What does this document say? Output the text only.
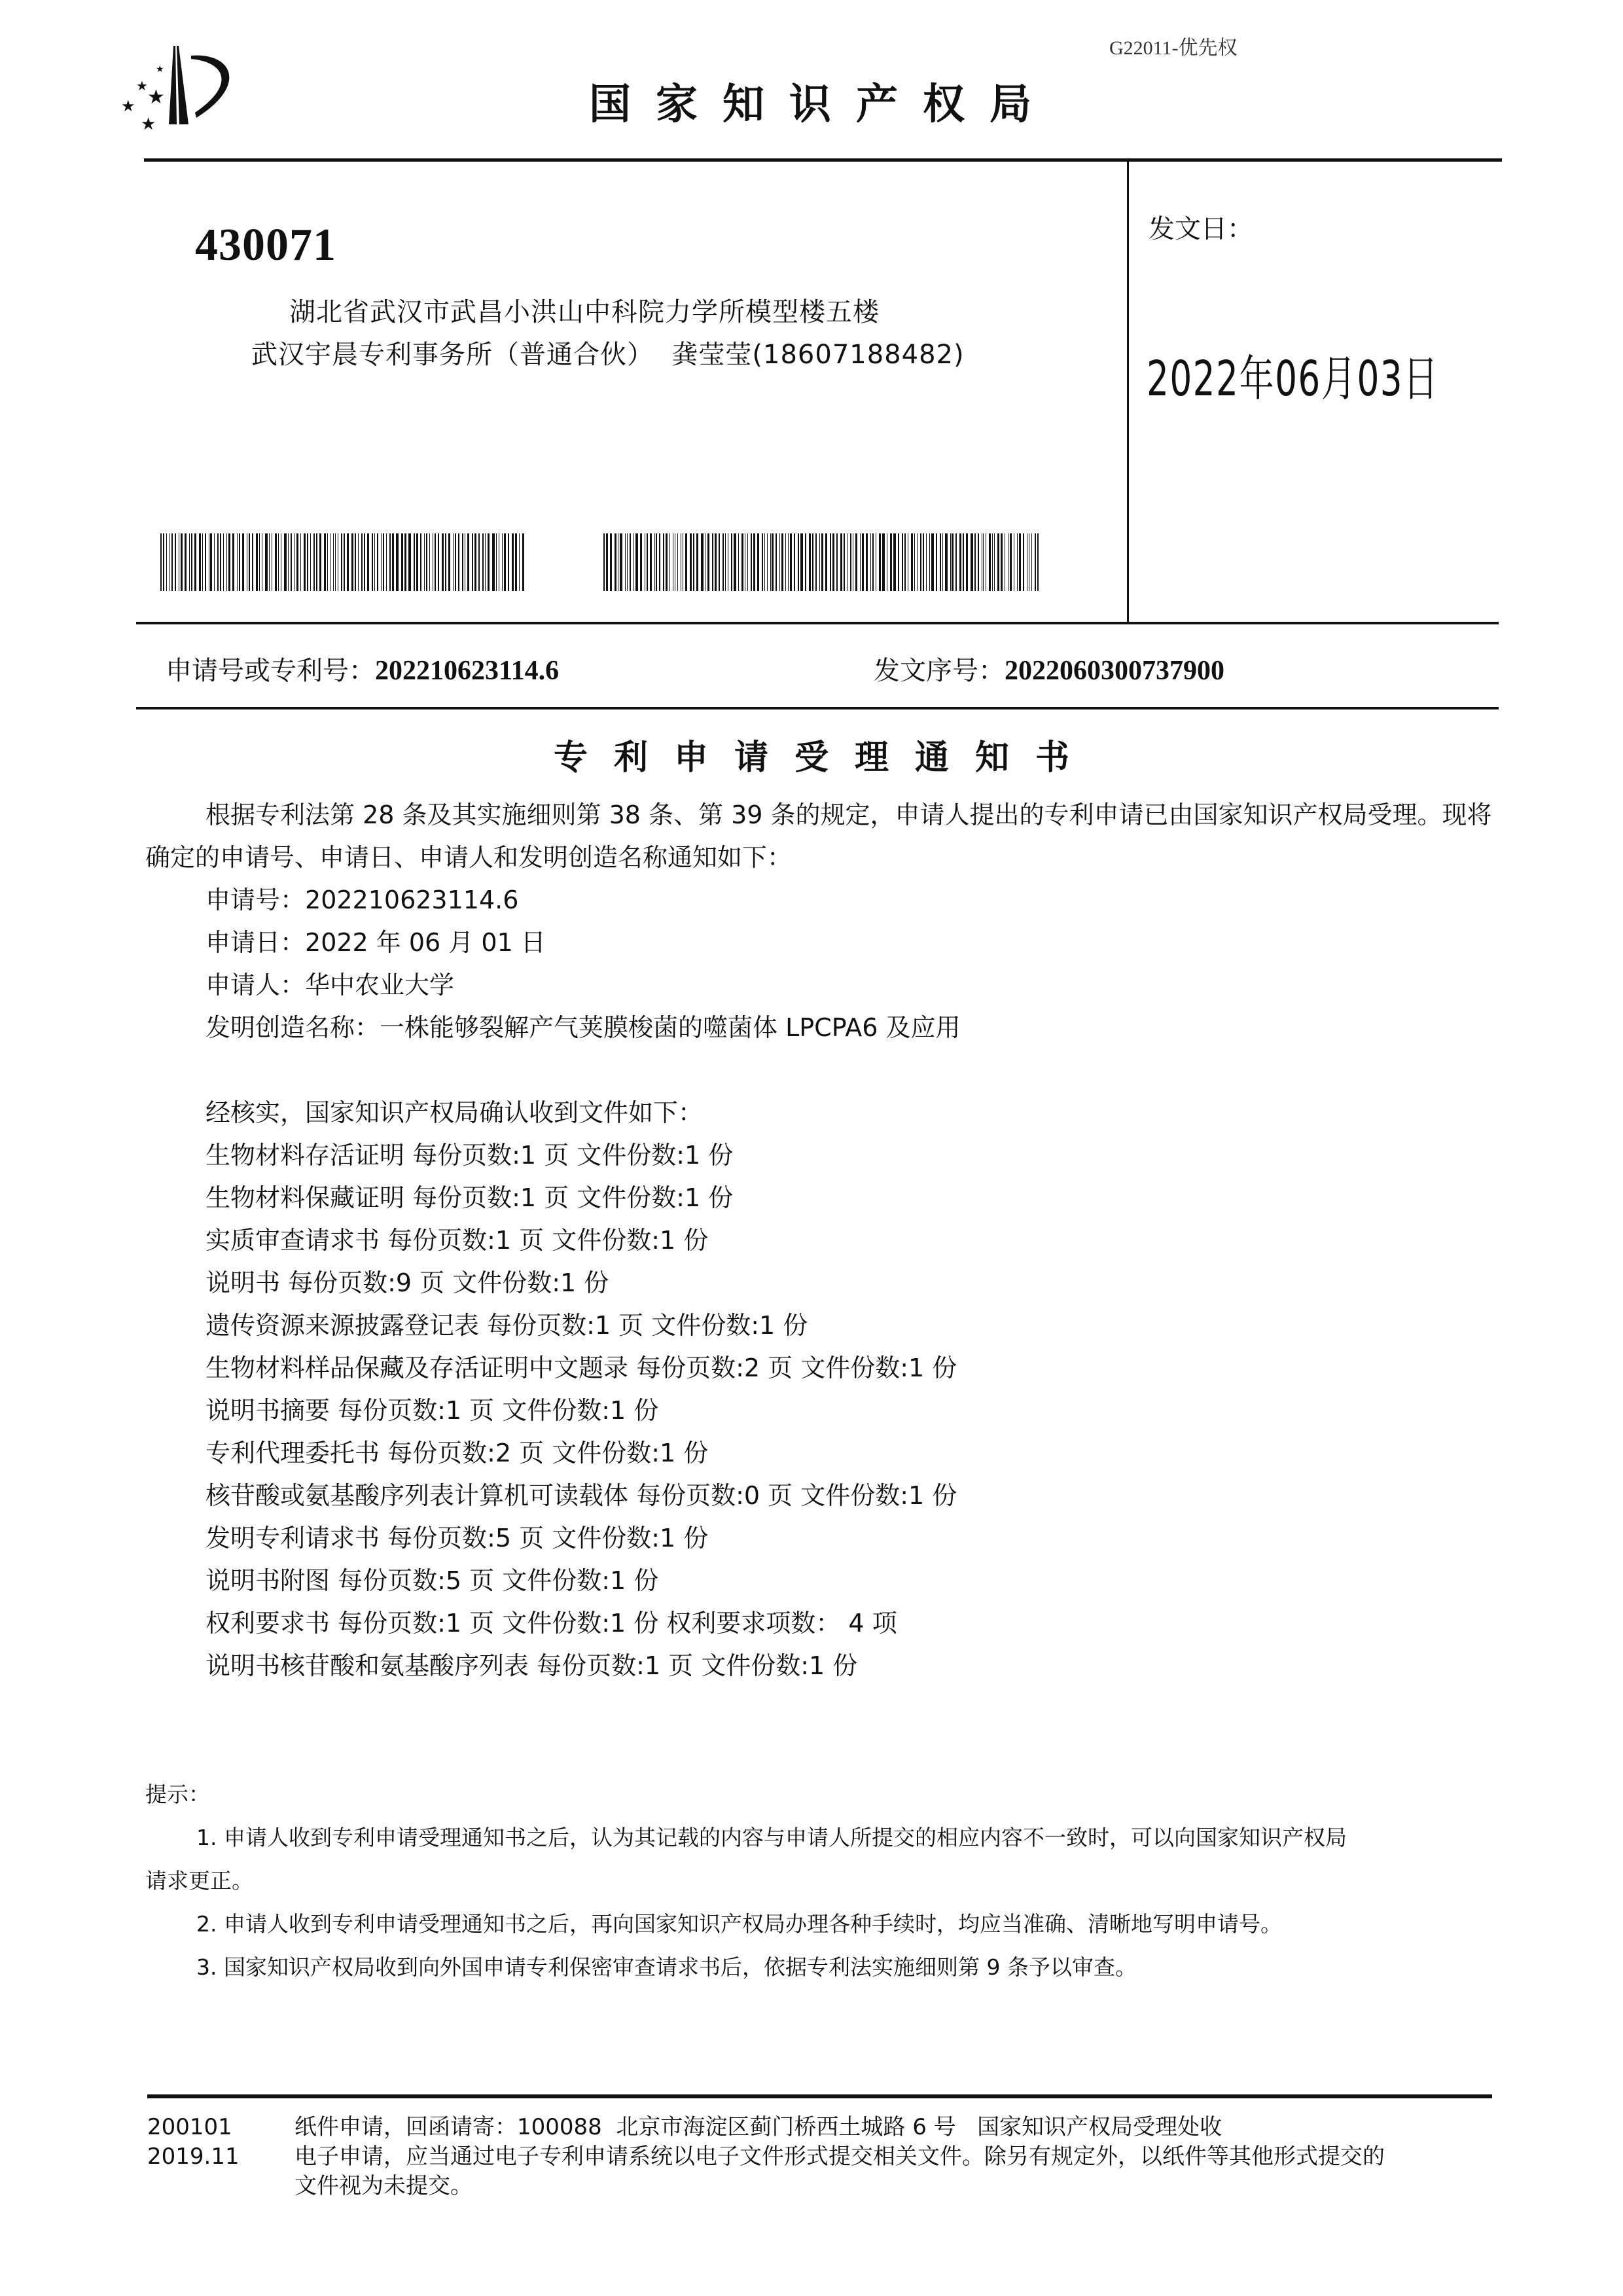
G22011-优先权
★
★ ★
★
★	国家知识产权局
430071
湖北省武汉市武昌小洪山中科院力学所模型楼五楼
武汉宇晨专利事务所（普通合伙）  龚莹莹(18607188482)
发文日：
2022年06月03日
申请号或专利号：202210623114.6	发文序号：2022060300737900
专利申请受理通知书
根据专利法第 28 条及其实施细则第 38 条、第 39 条的规定，申请人提出的专利申请已由国家知识产权局受理。现将确定的申请号、申请日、申请人和发明创造名称通知如下：
申请号：202210623114.6
申请日：2022 年 06 月 01 日
申请人：华中农业大学
发明创造名称：一株能够裂解产气荚膜梭菌的噬菌体 LPCPA6 及应用
经核实，国家知识产权局确认收到文件如下：
生物材料存活证明 每份页数:1 页 文件份数:1 份
生物材料保藏证明 每份页数:1 页 文件份数:1 份
实质审查请求书 每份页数:1 页 文件份数:1 份
说明书 每份页数:9 页 文件份数:1 份
遗传资源来源披露登记表 每份页数:1 页 文件份数:1 份
生物材料样品保藏及存活证明中文题录 每份页数:2 页 文件份数:1 份
说明书摘要 每份页数:1 页 文件份数:1 份
专利代理委托书 每份页数:2 页 文件份数:1 份
核苷酸或氨基酸序列表计算机可读载体 每份页数:0 页 文件份数:1 份
发明专利请求书 每份页数:5 页 文件份数:1 份
说明书附图 每份页数:5 页 文件份数:1 份
权利要求书 每份页数:1 页 文件份数:1 份 权利要求项数： 4 项
说明书核苷酸和氨基酸序列表 每份页数:1 页 文件份数:1 份
提示：
1. 申请人收到专利申请受理通知书之后，认为其记载的内容与申请人所提交的相应内容不一致时，可以向国家知识产权局
请求更正。
2. 申请人收到专利申请受理通知书之后，再向国家知识产权局办理各种手续时，均应当准确、清晰地写明申请号。
3. 国家知识产权局收到向外国申请专利保密审查请求书后，依据专利法实施细则第 9 条予以审查。
200101
2019.11
纸件申请，回函请寄：100088  北京市海淀区蓟门桥西土城路 6 号   国家知识产权局受理处收
电子申请，应当通过电子专利申请系统以电子文件形式提交相关文件。除另有规定外，以纸件等其他形式提交的
文件视为未提交。
